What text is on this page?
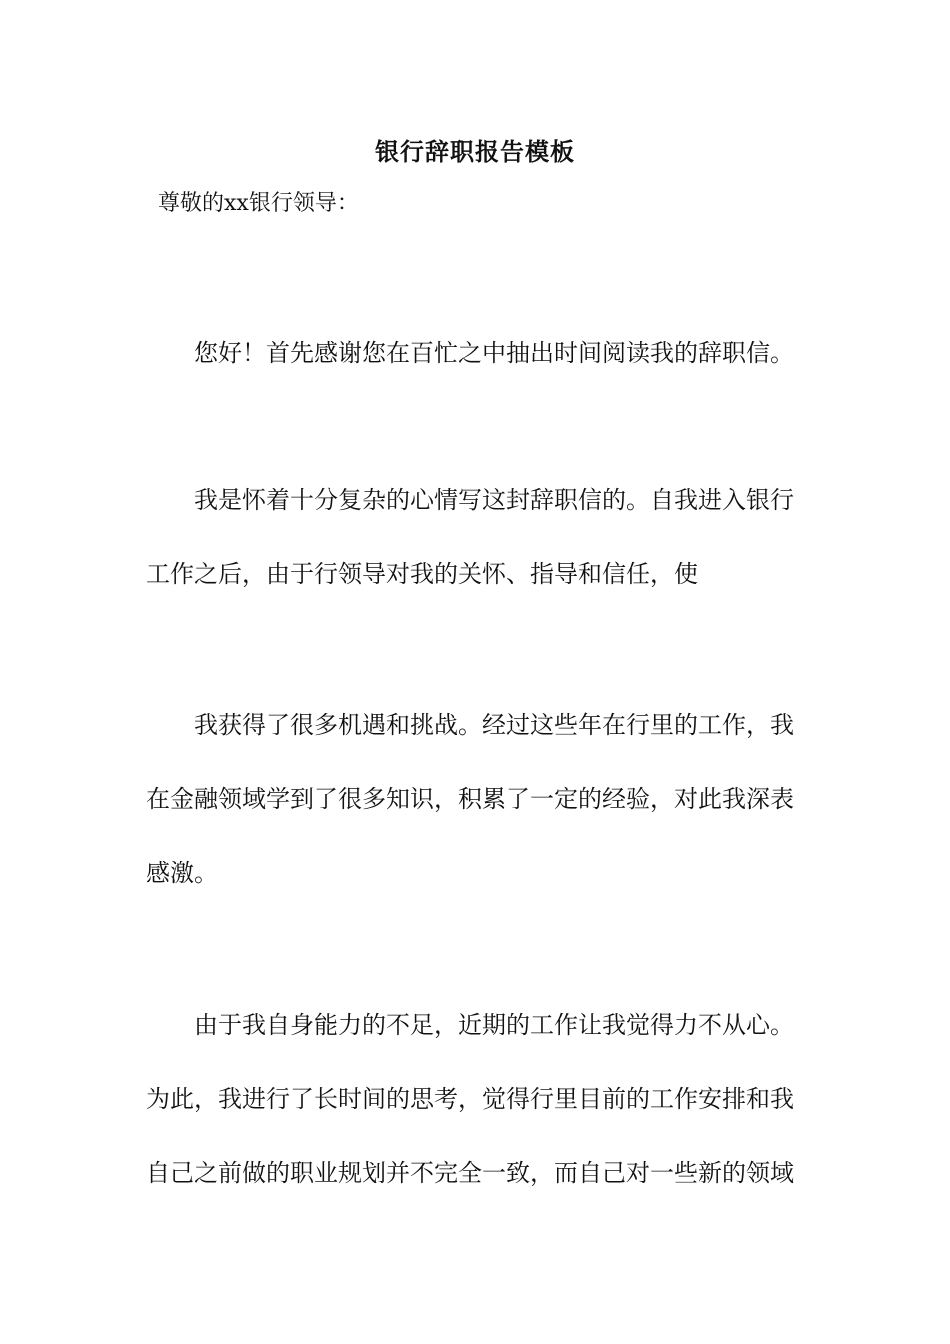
银行辞职报告模板
尊敬的xx银行领导：
您好！首先感谢您在百忙之中抽出时间阅读我的辞职信。
我是怀着十分复杂的心情写这封辞职信的。自我进入银行
工作之后，由于行领导对我的关怀、指导和信任，使
我获得了很多机遇和挑战。经过这些年在行里的工作，我
在金融领域学到了很多知识，积累了一定的经验，对此我深表
感激。
由于我自身能力的不足，近期的工作让我觉得力不从心。
为此，我进行了长时间的思考，觉得行里目前的工作安排和我
自己之前做的职业规划并不完全一致，而自己对一些新的领域
